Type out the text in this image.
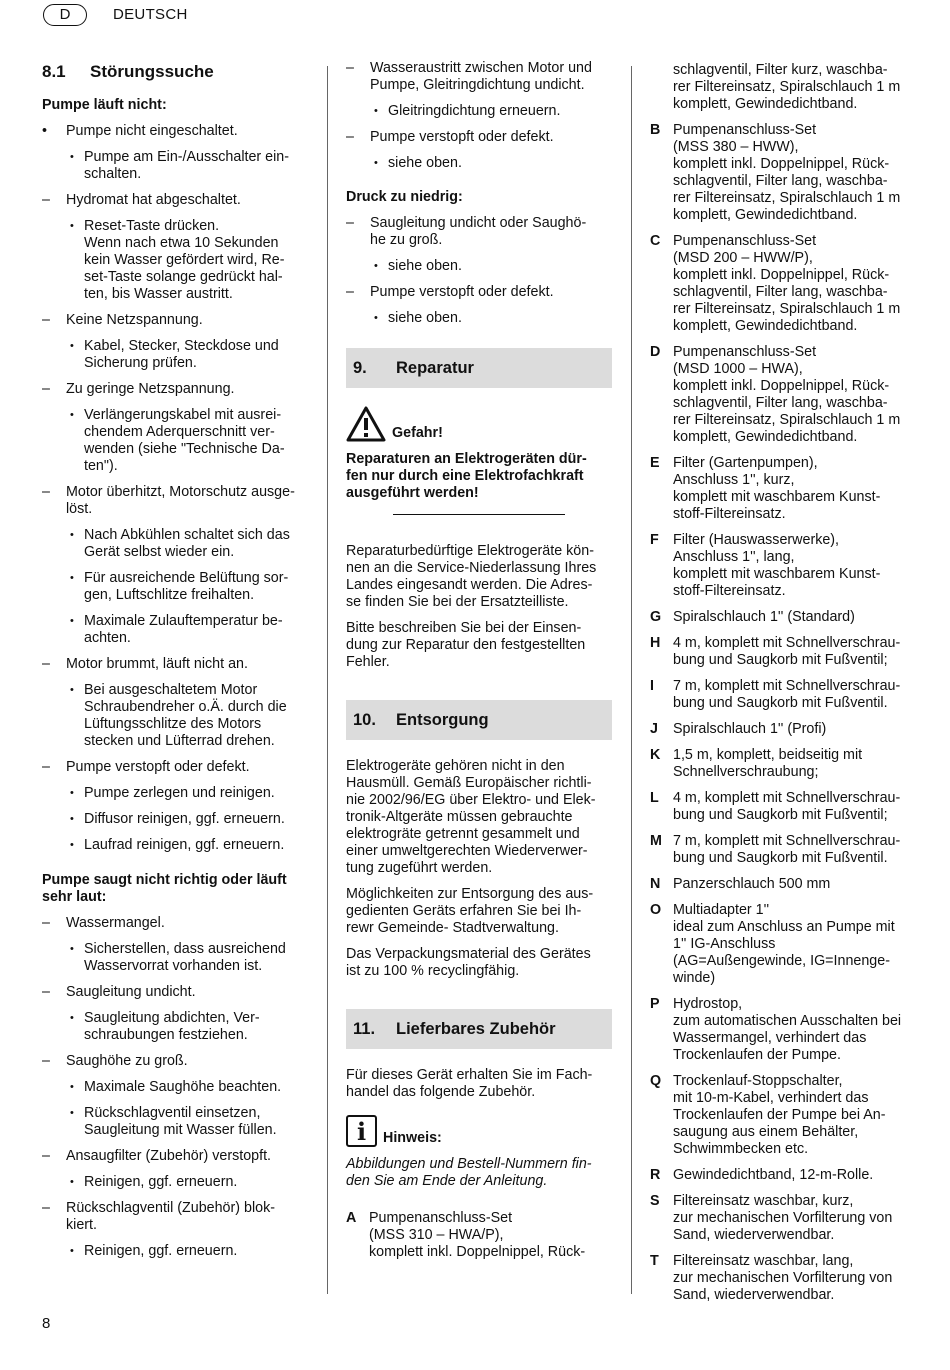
D	DEUTSCH
8.1 Störungssuche
Pumpe läuft nicht:
•	Pumpe nicht eingeschaltet.
• Pumpe am Ein-/Ausschalter ein-
schalten.
–	Hydromat hat abgeschaltet.
• Reset-Taste drücken.
Wenn nach etwa 10 Sekunden
kein Wasser gefördert wird, Re-
set-Taste solange gedrückt hal-
ten, bis Wasser austritt.
–	Keine Netzspannung.
• Kabel, Stecker, Steckdose und
Sicherung prüfen.
–	Zu geringe Netzspannung.
• Verlängerungskabel mit ausrei-
chendem Aderquerschnitt ver-
wenden (siehe "Technische Da-
ten").
–	Motor überhitzt, Motorschutz ausge-
löst.
• Nach Abkühlen schaltet sich das
Gerät selbst wieder ein.
• Für ausreichende Belüftung sor-
gen, Luftschlitze freihalten.
• Maximale Zulauftemperatur be-
achten.
–	Motor brummt, läuft nicht an.
• Bei ausgeschaltetem Motor
Schraubendreher o.Ä. durch die
Lüftungsschlitze des Motors
stecken und Lüfterrad drehen.
–	Pumpe verstopft oder defekt.
• Pumpe zerlegen und reinigen.
• Diffusor reinigen, ggf. erneuern.
• Laufrad reinigen, ggf. erneuern.
Pumpe saugt nicht richtig oder läuft sehr laut:
–	Wassermangel.
• Sicherstellen, dass ausreichend
Wasservorrat vorhanden ist.
–	Saugleitung undicht.
• Saugleitung abdichten, Ver-
schraubungen festziehen.
–	Saughöhe zu groß.
• Maximale Saughöhe beachten.
• Rückschlagventil einsetzen,
Saugleitung mit Wasser füllen.
–	Ansaugfilter (Zubehör) verstopft.
• Reinigen, ggf. erneuern.
–	Rückschlagventil (Zubehör) blok-
kiert.
• Reinigen, ggf. erneuern.
–	Wasseraustritt zwischen Motor und
Pumpe, Gleitringdichtung undicht.
• Gleitringdichtung erneuern.
–	Pumpe verstopft oder defekt.
• siehe oben.
Druck zu niedrig:
–	Saugleitung undicht oder Saughö-
he zu groß.
• siehe oben.
–	Pumpe verstopft oder defekt.
• siehe oben.
9.	Reparatur
Gefahr!
Reparaturen an Elektrogeräten dür-
fen nur durch eine Elektrofachkraft
ausgeführt werden!
Reparaturbedürftige Elektrogeräte kön-
nen an die Service-Niederlassung Ihres
Landes eingesandt werden. Die Adres-
se finden Sie bei der Ersatzteilliste.
Bitte beschreiben Sie bei der Einsen-
dung zur Reparatur den festgestellten
Fehler.
10.	Entsorgung
Elektrogeräte gehören nicht in den
Hausmüll. Gemäß Europäischer richtli-
nie 2002/96/EG über Elektro- und Elek-
tronik-Altgeräte müssen gebrauchte
elektrogräte getrennt gesammelt und
einer umweltgerechten Wiederverwer-
tung zugeführt werden.
Möglichkeiten zur Entsorgung des aus-
gedienten Geräts erfahren Sie bei Ih-
rewr Gemeinde- Stadtverwaltung.
Das Verpackungsmaterial des Gerätes
ist zu 100 % recyclingfähig.
11.	Lieferbares Zubehör
Für dieses Gerät erhalten Sie im Fach-
handel das folgende Zubehör.
i	Hinweis:
Abbildungen und Bestell-Nummern fin-
den Sie am Ende der Anleitung.
A Pumpenanschluss-Set
(MSS 310 – HWA/P),
komplett inkl. Doppelnippel, Rück-
schlagventil, Filter kurz, waschba-
rer Filtereinsatz, Spiralschlauch 1 m
komplett, Gewindedichtband.
B Pumpenanschluss-Set
(MSS 380 – HWW),
komplett inkl. Doppelnippel, Rück-
schlagventil, Filter lang, waschba-
rer Filtereinsatz, Spiralschlauch 1 m
komplett, Gewindedichtband.
C Pumpenanschluss-Set
(MSD 200 – HWW/P),
komplett inkl. Doppelnippel, Rück-
schlagventil, Filter lang, waschba-
rer Filtereinsatz, Spiralschlauch 1 m
komplett, Gewindedichtband.
D Pumpenanschluss-Set
(MSD 1000 – HWA),
komplett inkl. Doppelnippel, Rück-
schlagventil, Filter lang, waschba-
rer Filtereinsatz, Spiralschlauch 1 m
komplett, Gewindedichtband.
E Filter (Gartenpumpen),
Anschluss 1'', kurz,
komplett mit waschbarem Kunst-
stoff-Filtereinsatz.
F Filter (Hauswasserwerke),
Anschluss 1'', lang,
komplett mit waschbarem Kunst-
stoff-Filtereinsatz.
G Spiralschlauch 1'' (Standard)
H 4 m, komplett mit Schnellverschrau-
bung und Saugkorb mit Fußventil;
I	7 m, komplett mit Schnellverschrau-
bung und Saugkorb mit Fußventil.
J	Spiralschlauch 1'' (Profi)
K 1,5 m, komplett, beidseitig mit
Schnellverschraubung;
L 4 m, komplett mit Schnellverschrau-
bung und Saugkorb mit Fußventil;
M 7 m, komplett mit Schnellverschrau-
bung und Saugkorb mit Fußventil.
N Panzerschlauch 500 mm
O Multiadapter 1''
ideal zum Anschluss an Pumpe mit
1'' IG-Anschluss
(AG=Außengewinde, IG=Innenge-
winde)
P Hydrostop,
zum automatischen Ausschalten bei
Wassermangel, verhindert das
Trockenlaufen der Pumpe.
Q Trockenlauf-Stoppschalter,
mit 10-m-Kabel, verhindert das
Trockenlaufen der Pumpe bei An-
saugung aus einem Behälter,
Schwimmbecken etc.
R Gewindedichtband, 12-m-Rolle.
S Filtereinsatz waschbar, kurz,
zur mechanischen Vorfilterung von
Sand, wiederverwendbar.
T Filtereinsatz waschbar, lang,
zur mechanischen Vorfilterung von
Sand, wiederverwendbar.
8
